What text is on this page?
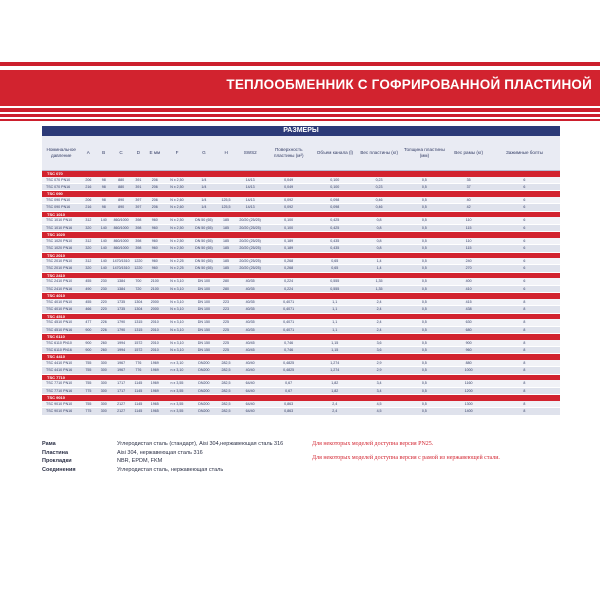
ТЕПЛООБМЕННИК С ГОФРИРОВАННОЙ ПЛАСТИНОЙ
РАЗМЕРЫ
Номинальное давление
A	B	C	D	E мм	F	G	H	SWS2
Поверхность пластины (м²)
Объем канала (l)	Вес пластины (кг)
Толщина пластины (мм)
Вес рамы (кг)	Зажимные болты
TSC 070
TSC 070 PN10	206	98	880	391	206	N x 2,50	1/4	14/13	0,049	0,100	0,23	0,5	35	6
TSC 070 PN16	216	98	880	391	206	N x 2,50	1/4	14/13	0,049	0,100	0,23	0,5	37	6
TSC 090
TSC 090 PN10	206	98	890	397	206	N x 2,60	1/4	125,5	14/13	0,092	0,098	0,46	0,5	40	6
TSC 090 PN16	216	98	890	397	206	N x 2,60	1/4	125,5	14/13	0,092	0,098	0,46	0,5	42	6
TSC 1010
TSC 1010 PN10	312	140	860/1000	398	960	N x 2,50	DN 50 (65)	185	20/20 (25/25)	0,100	0,425	0,8	0,5	110	6
TSC 1010 PN16	320	140	860/1000	398	960	N x 2,50	DN 50 (65)	185	20/20 (25/25)	0,100	0,425	0,8	0,5	115	6
TSC 1020
TSC 1020 PN10	312	140	860/1000	398	960	N x 2,50	DN 50 (65)	185	20/20 (25/25)	0,189	0,435	0,8	0,5	110	6
TSC 1020 PN16	320	140	860/1000	398	960	N x 2,50	DN 50 (65)	185	20/20 (25/25)	0,189	0,435	0,8	0,5	115	6
TSC 2010
TSC 2010 PN10	312	140	1470/1510	1220	960	N x 2,25	DN 50 (65)	185	20/20 (25/25)	0,268	0,65	1,4	0,5	240	6
TSC 2010 PN16	320	140	1470/1510	1220	960	N x 2,25	DN 50 (65)	185	20/20 (25/25)	0,268	0,65	1,4	0,5	270	6
TSC 2410
TSC 2410 PN10	455	230	1384	700	2100	N x 3,10	DN 100	280	40/35	0,224	0,555	1,35	0,5	400	6
TSC 2410 PN16	490	230	1384	720	2100	N x 3,10	DN 100	280	40/35	0,224	0,555	1,35	0,5	410	6
TSC 4010
TSC 4010 PN10	455	220	1735	1304	2000	N x 3,10	DN 100	223	40/35	0,4071	1,1	2,4	0,5	415	8
TSC 4010 PN16	466	220	1735	1304	2000	N x 3,10	DN 100	223	40/35	0,4071	1,1	2,4	0,5	438	8
TSC 4510
TSC 4510 PN10	477	226	1790	1315	2010	N x 3,10	DN 150	225	40/35	0,4071	1,1	2,4	0,5	630	8
TSC 4510 PN16	900	226	1790	1315	2010	N x 3,10	DN 150	225	40/35	0,4071	1,1	2,4	0,5	680	8
TSC 6110
TSC 6110 PN10	900	260	1994	1572	2010	N x 3,10	DN 150	225	40/45	0,746	1,15	3,6	0,5	900	8
TSC 6110 PN16	900	260	1994	1572	2010	N x 3,10	DN 150	225	40/45	0,746	1,15	3,6	0,5	960	8
TSC 4410
TSC 4410 PN10	755	300	1967	776	1969	n x 3,10	DN200	282,5	40/40	0,4825	1,274	2,9	0,5	880	8
TSC 4410 PN16	755	300	1967	776	1969	n x 3,10	DN200	282,5	40/40	0,4825	1,274	2,9	0,5	1000	8
TSC 7710
TSC 7710 PN10	755	300	1717	1145	1969	n x 3,55	DN200	282,5	64/40	0,67	1,82	3,4	0,5	1160	8
TSC 7710 PN16	775	300	1717	1145	1969	n x 3,55	DN200	282,5	64/40	0,67	1,82	3,4	0,5	1200	8
TSC 9010
TSC 9010 PN10	755	300	2127	1145	1965	n x 3,55	DN200	282,5	64/40	0,863	2,4	4,5	0,5	1300	8
TSC 9010 PN16	775	300	2127	1145	1965	n x 3,55	DN200	282,5	64/40	0,863	2,4	4,5	0,5	1400	8
Рама	Углеродистая сталь (стандарт), Aisi 304,нержавеющая сталь 316
Пластина	Aisi 304, нержавеющая сталь 316
Прокладки	NBR, EPDM, FKM
Соединения	Углеродистая сталь, нержавеющая сталь
Для некоторых моделей доступна версия PN25.
Для некоторых моделей доступна версия с рамой из нержавеющей стали.
